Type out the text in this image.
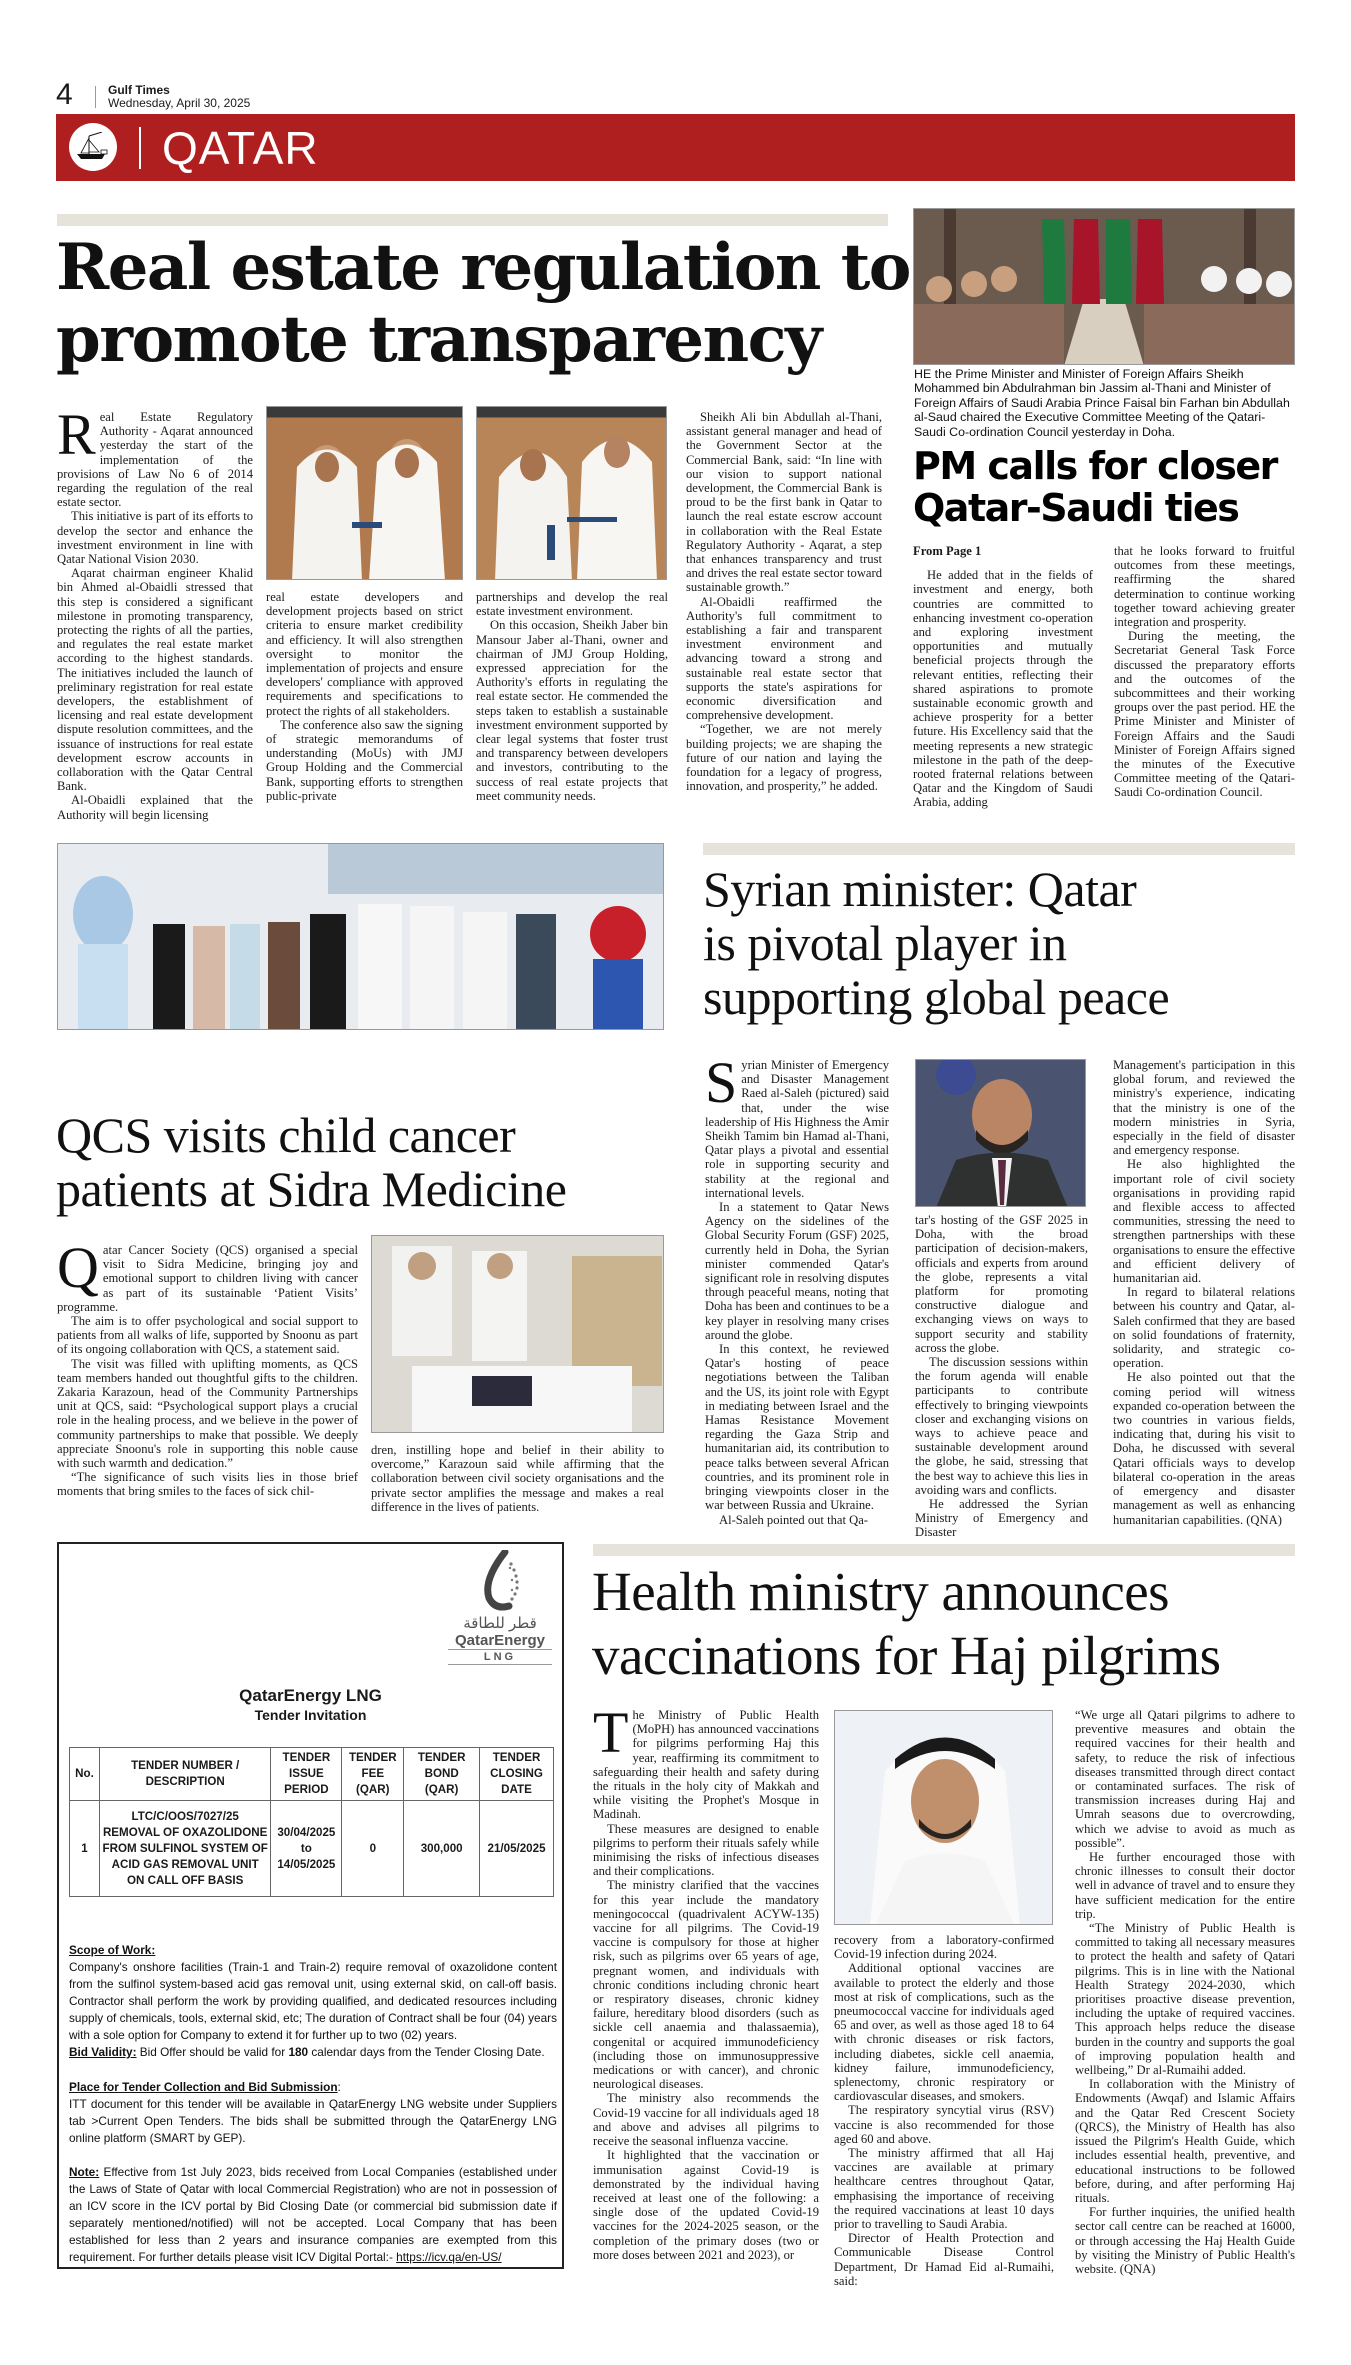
4	Gulf Times
Wednesday, April 30, 2025
QATAR
Real estate regulation to
promote transparency
R eal Estate Regulatory Authority - Aqarat announced yesterday the start of the implementation of the provisions of Law No 6 of 2014 regarding the regulation of the real estate sector.

This initiative is part of its efforts to develop the sector and enhance the investment environment in line with Qatar National Vision 2030.

Aqarat chairman engineer Khalid bin Ahmed al-Obaidli stressed that this step is considered a significant milestone in promoting transparency, protecting the rights of all the parties, and regulates the real estate market according to the highest standards. The initiatives included the launch of preliminary registration for real estate developers, the establishment of licensing and real estate development dispute resolution committees, and the issuance of instructions for real estate development escrow accounts in collaboration with the Qatar Central Bank.

Al-Obaidli explained that the Authority will begin licensing

real estate developers and development projects based on strict criteria to ensure market credibility and efficiency. It will also strengthen oversight to monitor the implementation of projects and ensure developers' compliance with approved requirements and specifications to protect the rights of all stakeholders.

The conference also saw the signing of strategic memorandums of understanding (MoUs) with JMJ Group Holding and the Commercial Bank, supporting efforts to strengthen public-private

partnerships and develop the real estate investment environment.

On this occasion, Sheikh Jaber bin Mansour Jaber al-Thani, owner and chairman of JMJ Group Holding, expressed appreciation for the Authority's efforts in regulating the real estate sector. He commended the steps taken to establish a sustainable investment environment supported by clear legal systems that foster trust and transparency between developers and investors, contributing to the success of real estate projects that meet community needs.

Sheikh Ali bin Abdullah al-Thani, assistant general manager and head of the Government Sector at the Commercial Bank, said: “In line with our vision to support national development, the Commercial Bank is proud to be the first bank in Qatar to launch the real estate escrow account in collaboration with the Real Estate Regulatory Authority - Aqarat, a step that enhances transparency and trust and drives the real estate sector toward sustainable growth.”

Al-Obaidli reaffirmed the Authority's full commitment to establishing a fair and transparent investment environment and advancing toward a strong and sustainable real estate sector that supports the state's aspirations for economic diversification and comprehensive development.

“Together, we are not merely building projects; we are shaping the future of our nation and laying the foundation for a legacy of progress, innovation, and prosperity,” he added.

HE the Prime Minister and Minister of Foreign Affairs Sheikh Mohammed bin Abdulrahman bin Jassim al-Thani and Minister of Foreign Affairs of Saudi Arabia Prince Faisal bin Farhan bin Abdullah al-Saud chaired the Executive Committee Meeting of the Qatari-Saudi Co-ordination Council yesterday in Doha.
PM calls for closer
Qatar-Saudi ties

From Page 1

He added that in the fields of investment and energy, both countries are committed to enhancing investment co-operation and exploring investment opportunities and mutually beneficial projects through the relevant entities, reflecting their shared aspirations to promote sustainable economic growth and achieve prosperity for a better future. His Excellency said that the meeting represents a new strategic milestone in the path of the deep-rooted fraternal relations between Qatar and the Kingdom of Saudi Arabia, adding

that he looks forward to fruitful outcomes from these meetings, reaffirming the shared determination to continue working together toward achieving greater integration and prosperity.

During the meeting, the Secretariat General Task Force discussed the preparatory efforts and the outcomes of the subcommittees and their working groups over the past period. HE the Prime Minister and Minister of Foreign Affairs and the Saudi Minister of Foreign Affairs signed the minutes of the Executive Committee meeting of the Qatari-Saudi Co-ordination Council.

QCS visits child cancer
patients at Sidra Medicine
Q atar Cancer Society (QCS) organised a special visit to Sidra Medicine, bringing joy and emotional support to children living with cancer as part of its sustainable ‘Patient Visits’ programme.

The aim is to offer psychological and social support to patients from all walks of life, supported by Snoonu as part of its ongoing collaboration with QCS, a statement said.

The visit was filled with uplifting moments, as QCS team members handed out thoughtful gifts to the children. Zakaria Karazoun, head of the Community Partnerships unit at QCS, said: “Psychological support plays a crucial role in the healing process, and we believe in the power of community partnerships to make that possible. We deeply appreciate Snoonu's role in supporting this noble cause with such warmth and dedication.”

“The significance of such visits lies in those brief moments that bring smiles to the faces of sick chil-

dren, instilling hope and belief in their ability to overcome,” Karazoun said while affirming that the collaboration between civil society organisations and the private sector amplifies the message and makes a real difference in the lives of patients.

Syrian minister: Qatar
is pivotal player in
supporting global peace
S yrian Minister of Emergency and Disaster Management Raed al-Saleh (pictured) said that, under the wise leadership of His Highness the Amir Sheikh Tamim bin Hamad al-Thani, Qatar plays a pivotal and essential role in supporting security and stability at the regional and international levels.

In a statement to Qatar News Agency on the sidelines of the Global Security Forum (GSF) 2025, currently held in Doha, the Syrian minister commended Qatar's significant role in resolving disputes through peaceful means, noting that Doha has been and continues to be a key player in resolving many crises around the globe.

In this context, he reviewed Qatar's hosting of peace negotiations between the Taliban and the US, its joint role with Egypt in mediating between Israel and the Hamas Resistance Movement regarding the Gaza Strip and humanitarian aid, its contribution to peace talks between several African countries, and its prominent role in bringing viewpoints closer in the war between Russia and Ukraine.

Al-Saleh pointed out that Qa-

tar's hosting of the GSF 2025 in Doha, with the broad participation of decision-makers, officials and experts from around the globe, represents a vital platform for promoting constructive dialogue and exchanging views on ways to support security and stability across the globe.

The discussion sessions within the forum agenda will enable participants to contribute effectively to bringing viewpoints closer and exchanging visions on ways to achieve peace and sustainable development around the globe, he said, stressing that the best way to achieve this lies in avoiding wars and conflicts.

He addressed the Syrian Ministry of Emergency and Disaster

Management's participation in this global forum, and reviewed the ministry's experience, indicating that the ministry is one of the modern ministries in Syria, especially in the field of disaster and emergency response.

He also highlighted the important role of civil society organisations in providing rapid and flexible access to affected communities, stressing the need to strengthen partnerships with these organisations to ensure the effective and efficient delivery of humanitarian aid.

In regard to bilateral relations between his country and Qatar, al-Saleh confirmed that they are based on solid foundations of fraternity, solidarity, and strategic co-operation.

He also pointed out that the coming period will witness expanded co-operation between the two countries in various fields, indicating that, during his visit to Doha, he discussed with several Qatari officials ways to develop bilateral co-operation in the areas of emergency and disaster management as well as enhancing humanitarian capabilities. (QNA)

قطر للطاقة
QatarEnergy
LNG
QatarEnergy LNG
Tender Invitation
No.	TENDER NUMBER / DESCRIPTION	TENDER ISSUE PERIOD	TENDER FEE (QAR)	TENDER BOND (QAR)	TENDER CLOSING DATE
1	LTC/C/OOS/7027/25 REMOVAL OF OXAZOLIDONE FROM SULFINOL SYSTEM OF ACID GAS REMOVAL UNIT ON CALL OFF BASIS	30/04/2025 to 14/05/2025	0	300,000	21/05/2025
Scope of Work:
Company's onshore facilities (Train-1 and Train-2) require removal of oxazolidone content from the sulfinol system-based acid gas removal unit, using external skid, on call-off basis. Contractor shall perform the work by providing qualified, and dedicated resources including supply of chemicals, tools, external skid, etc; The duration of Contract shall be four (04) years with a sole option for Company to extend it for further up to two (02) years.
Bid Validity: Bid Offer should be valid for 180 calendar days from the Tender Closing Date.
Place for Tender Collection and Bid Submission:
ITT document for this tender will be available in QatarEnergy LNG website under Suppliers tab >Current Open Tenders. The bids shall be submitted through the QatarEnergy LNG online platform (SMART by GEP).
Note: Effective from 1st July 2023, bids received from Local Companies (established under the Laws of State of Qatar with local Commercial Registration) who are not in possession of an ICV score in the ICV portal by Bid Closing Date (or commercial bid submission date if separately mentioned/notified) will not be accepted. Local Company that has been established for less than 2 years and insurance companies are exempted from this requirement. For further details please visit ICV Digital Portal:- https://icv.qa/en-US/
Health ministry announces
vaccinations for Haj pilgrims
T he Ministry of Public Health (MoPH) has announced vaccinations for pilgrims performing Haj this year, reaffirming its commitment to safeguarding their health and safety during the rituals in the holy city of Makkah and while visiting the Prophet's Mosque in Madinah.

These measures are designed to enable pilgrims to perform their rituals safely while minimising the risks of infectious diseases and their complications.

The ministry clarified that the vaccines for this year include the mandatory meningococcal (quadrivalent ACYW-135) vaccine for all pilgrims. The Covid-19 vaccine is compulsory for those at higher risk, such as pilgrims over 65 years of age, pregnant women, and individuals with chronic conditions including chronic heart or respiratory diseases, chronic kidney failure, hereditary blood disorders (such as sickle cell anaemia and thalassaemia), congenital or acquired immunodeficiency (including those on immunosuppressive medications or with cancer), and chronic neurological diseases.

The ministry also recommends the Covid-19 vaccine for all individuals aged 18 and above and advises all pilgrims to receive the seasonal influenza vaccine.

It highlighted that the vaccination or immunisation against Covid-19 is demonstrated by the individual having received at least one of the following: a single dose of the updated Covid-19 vaccines for the 2024-2025 season, or the completion of the primary doses (two or more doses between 2021 and 2023), or

recovery from a laboratory-confirmed Covid-19 infection during 2024.

Additional optional vaccines are available to protect the elderly and those most at risk of complications, such as the pneumococcal vaccine for individuals aged 65 and over, as well as those aged 18 to 64 with chronic diseases or risk factors, including diabetes, sickle cell anaemia, kidney failure, immunodeficiency, splenectomy, chronic respiratory or cardiovascular diseases, and smokers.

The respiratory syncytial virus (RSV) vaccine is also recommended for those aged 60 and above.

The ministry affirmed that all Haj vaccines are available at primary healthcare centres throughout Qatar, emphasising the importance of receiving the required vaccinations at least 10 days prior to travelling to Saudi Arabia.

Director of Health Protection and Communicable Disease Control Department, Dr Hamad Eid al-Rumaihi, said:

“We urge all Qatari pilgrims to adhere to preventive measures and obtain the required vaccines for their health and safety, to reduce the risk of infectious diseases transmitted through direct contact or contaminated surfaces. The risk of transmission increases during Haj and Umrah seasons due to overcrowding, which we advise to avoid as much as possible”.

He further encouraged those with chronic illnesses to consult their doctor well in advance of travel and to ensure they have sufficient medication for the entire trip.

“The Ministry of Public Health is committed to taking all necessary measures to protect the health and safety of Qatari pilgrims. This is in line with the National Health Strategy 2024-2030, which prioritises proactive disease prevention, including the uptake of required vaccines. This approach helps reduce the disease burden in the country and supports the goal of improving population health and wellbeing,” Dr al-Rumaihi added.

In collaboration with the Ministry of Endowments (Awqaf) and Islamic Affairs and the Qatar Red Crescent Society (QRCS), the Ministry of Health has also issued the Pilgrim's Health Guide, which includes essential health, preventive, and educational instructions to be followed before, during, and after performing Haj rituals.

For further inquiries, the unified health sector call centre can be reached at 16000, or through accessing the Haj Health Guide by visiting the Ministry of Public Health's website. (QNA)
